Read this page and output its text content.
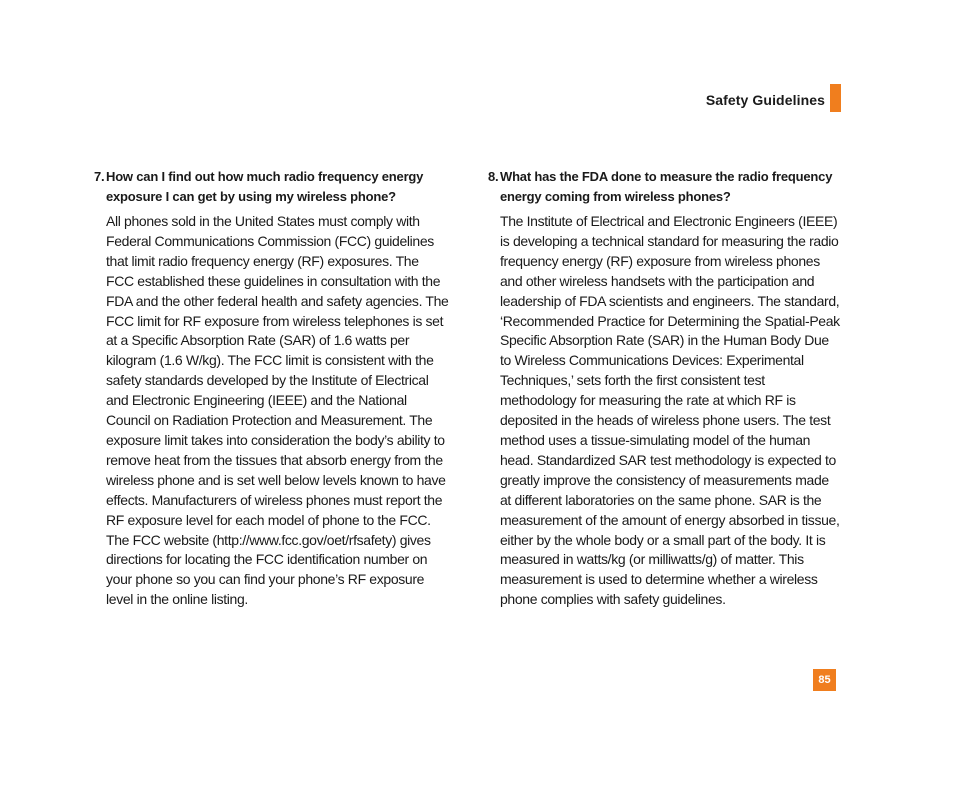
Safety Guidelines
7. How can I find out how much radio frequency energy exposure I can get by using my wireless phone?
All phones sold in the United States must comply with Federal Communications Commission (FCC) guidelines that limit radio frequency energy (RF) exposures. The FCC established these guidelines in consultation with the FDA and the other federal health and safety agencies. The FCC limit for RF exposure from wireless telephones is set at a Specific Absorption Rate (SAR) of 1.6 watts per kilogram (1.6 W/kg). The FCC limit is consistent with the safety standards developed by the Institute of Electrical and Electronic Engineering (IEEE) and the National Council on Radiation Protection and Measurement. The exposure limit takes into consideration the body’s ability to remove heat from the tissues that absorb energy from the wireless phone and is set well below levels known to have effects. Manufacturers of wireless phones must report the RF exposure level for each model of phone to the FCC. The FCC website (http://www.fcc.gov/oet/rfsafety) gives directions for locating the FCC identification number on your phone so you can find your phone’s RF exposure level in the online listing.
8. What has the FDA done to measure the radio frequency energy coming from wireless phones?
The Institute of Electrical and Electronic Engineers (IEEE) is developing a technical standard for measuring the radio frequency energy (RF) exposure from wireless phones and other wireless handsets with the participation and leadership of FDA scientists and engineers. The standard, ‘Recommended Practice for Determining the Spatial-Peak Specific Absorption Rate (SAR) in the Human Body Due to Wireless Communications Devices: Experimental Techniques,’ sets forth the first consistent test methodology for measuring the rate at which RF is deposited in the heads of wireless phone users. The test method uses a tissue-simulating model of the human head. Standardized SAR test methodology is expected to greatly improve the consistency of measurements made at different laboratories on the same phone. SAR is the measurement of the amount of energy absorbed in tissue, either by the whole body or a small part of the body. It is measured in watts/kg (or milliwatts/g) of matter. This measurement is used to determine whether a wireless phone complies with safety guidelines.
85
